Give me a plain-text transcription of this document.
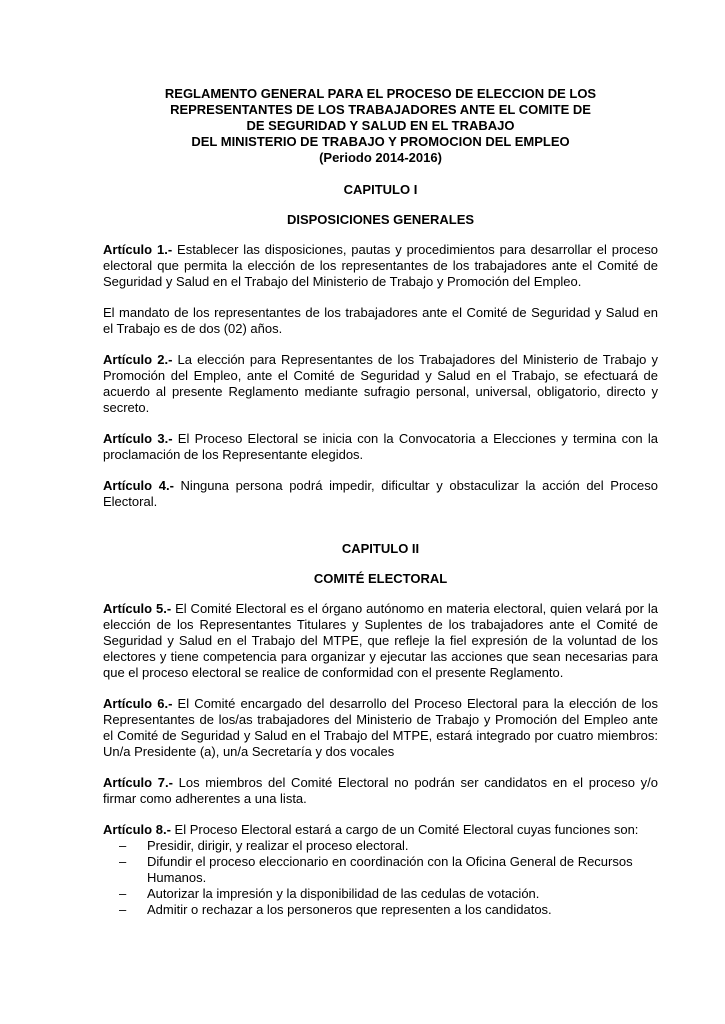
REGLAMENTO GENERAL PARA EL PROCESO DE ELECCION DE LOS

REPRESENTANTES DE LOS TRABAJADORES ANTE EL COMITE DE

DE SEGURIDAD Y SALUD EN EL TRABAJO

DEL MINISTERIO DE TRABAJO Y PROMOCION DEL EMPLEO

(Periodo 2014-2016)

CAPITULO I

DISPOSICIONES GENERALES

Artículo 1.- Establecer las disposiciones, pautas y procedimientos para desarrollar el proceso electoral que permita la elección de los representantes de los trabajadores ante el Comité de Seguridad y Salud en el Trabajo del Ministerio de Trabajo y Promoción del Empleo.

El mandato de los representantes de los trabajadores ante el Comité de Seguridad y Salud en el Trabajo es de dos (02) años.

Artículo 2.- La elección para Representantes de los Trabajadores del Ministerio de Trabajo y Promoción del Empleo, ante el Comité de Seguridad y Salud en el Trabajo, se efectuará de acuerdo al presente Reglamento mediante sufragio personal, universal, obligatorio, directo y secreto.

Artículo 3.- El Proceso Electoral se inicia con la Convocatoria a Elecciones y termina con la proclamación de los Representante elegidos.

Artículo 4.- Ninguna persona podrá impedir, dificultar y obstaculizar la acción del Proceso Electoral.

CAPITULO II

COMITÉ ELECTORAL

Artículo 5.- El Comité Electoral es el órgano autónomo en materia electoral, quien velará por la elección de los Representantes Titulares y Suplentes de los trabajadores ante el Comité de Seguridad y Salud en el Trabajo del MTPE, que refleje la fiel expresión de la voluntad de los electores y tiene competencia para organizar y ejecutar las acciones que sean necesarias para que el proceso electoral se realice de conformidad con el presente Reglamento.

Artículo 6.- El Comité encargado del desarrollo del Proceso Electoral para la elección de los Representantes de los/as trabajadores del Ministerio de Trabajo y Promoción del Empleo ante el Comité de Seguridad y Salud en el Trabajo del MTPE, estará integrado por cuatro miembros: Un/a Presidente (a), un/a Secretaría y dos vocales

Artículo 7.- Los miembros del Comité Electoral no podrán ser candidatos en el proceso y/o firmar como adherentes a una lista.

Artículo 8.- El Proceso Electoral estará a cargo de un Comité Electoral cuyas funciones son:

– Presidir, dirigir, y realizar el proceso electoral.
– Difundir el proceso eleccionario en coordinación con la Oficina General de Recursos Humanos.
– Autorizar la impresión y la disponibilidad de las cedulas de votación.
– Admitir o rechazar a los personeros que representen a los candidatos.
